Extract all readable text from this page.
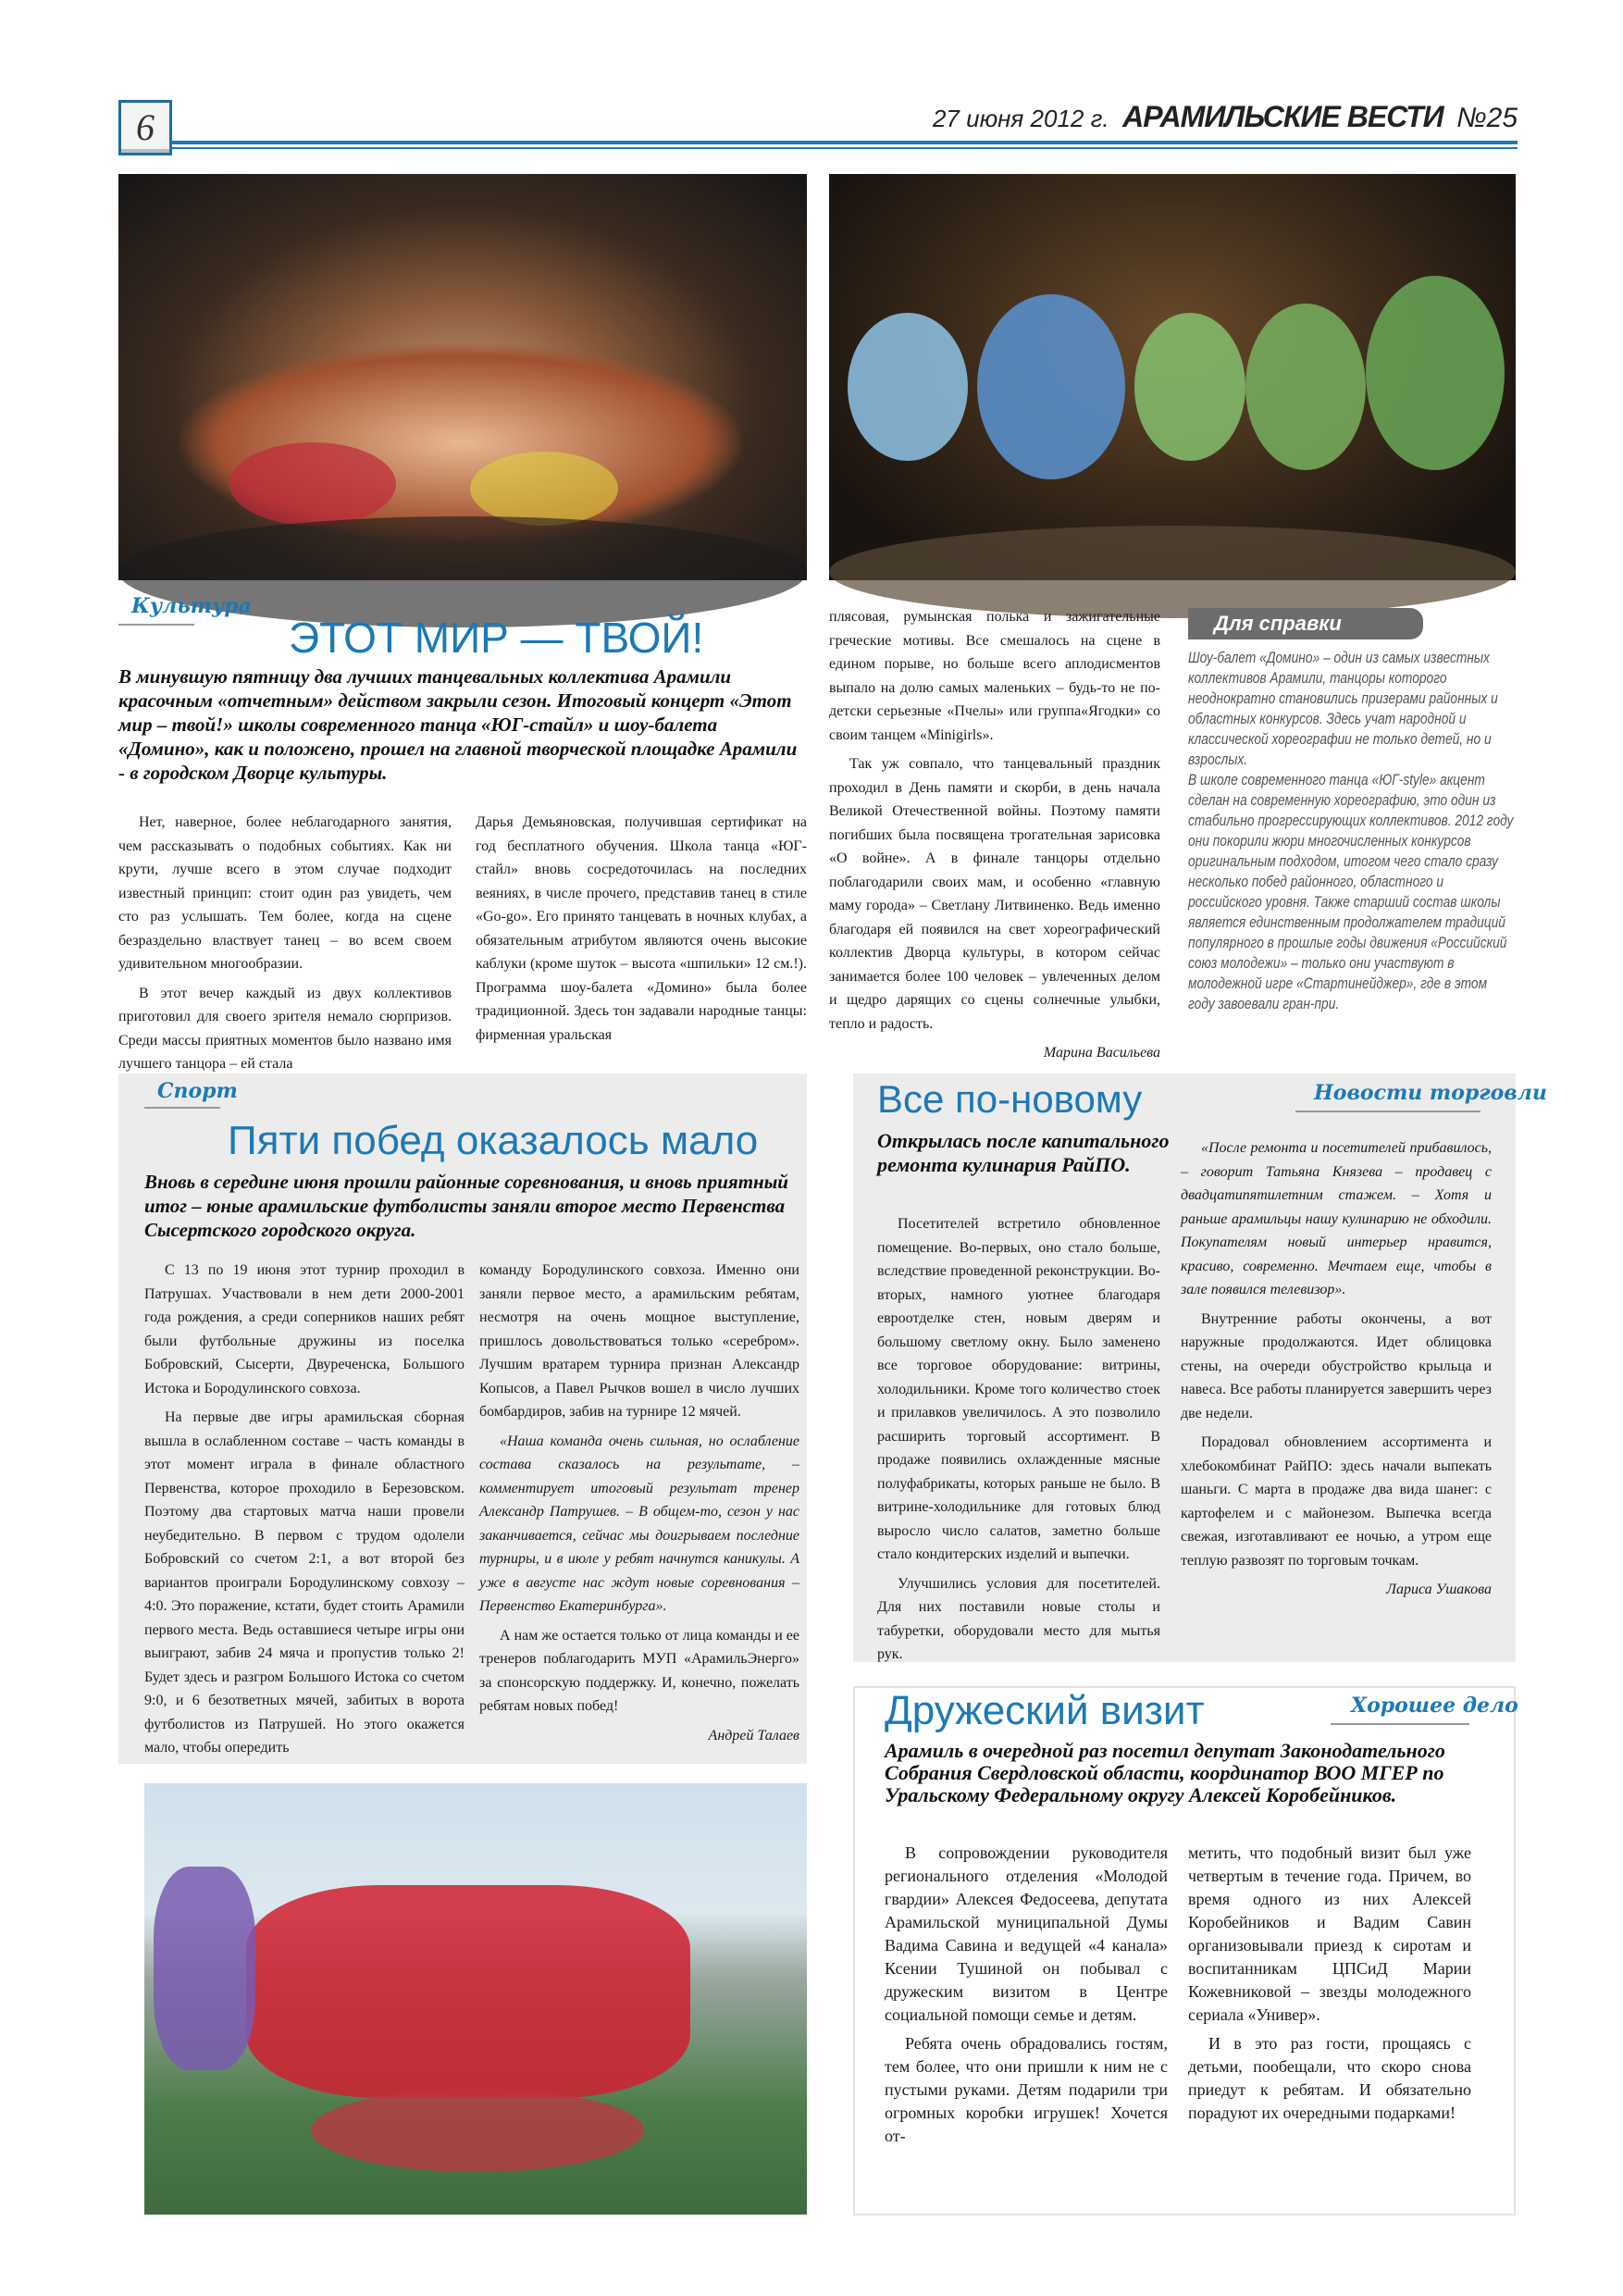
6	27 июня 2012 г. АРАМИЛЬСКИЕ ВЕСТИ №25
Культура
ЭТОТ МИР — ТВОЙ!
В минувшую пятницу два лучших танцевальных коллектива Арамили красочным «отчетным» действом закрыли сезон. Итоговый концерт «Этот мир – твой!» школы современного танца «ЮГ-стайл» и шоу-балета «Домино», как и положено, прошел на главной творческой площадке Арамили - в городском Дворце культуры.

Нет, наверное, более неблагодарного занятия, чем рассказывать о подобных событиях. Как ни крути, лучше всего в этом случае подходит известный принцип: стоит один раз увидеть, чем сто раз услышать. Тем более, когда на сцене безраздельно властвует танец – во всем своем удивительном многообразии.

В этот вечер каждый из двух коллективов приготовил для своего зрителя немало сюрпризов. Среди массы приятных моментов было названо имя лучшего танцора – ей стала

Дарья Демьяновская, получившая сертификат на год бесплатного обучения. Школа танца «ЮГ-стайл» вновь сосредоточилась на последних веяниях, в числе прочего, представив танец в стиле «Go-go». Его принято танцевать в ночных клубах, а обязательным атрибутом являются очень высокие каблуки (кроме шуток – высота «шпильки» 12 см.!). Программа шоу-балета «Домино» была более традиционной. Здесь тон задавали народные танцы: фирменная уральская

плясовая, румынская полька и зажигательные греческие мотивы. Все смешалось на сцене в едином порыве, но больше всего аплодисментов выпало на долю самых маленьких – будь-то не по-детски серьезные «Пчелы» или группа«Ягодки» со своим танцем «Minigirls».

Так уж совпало, что танцевальный праздник проходил в День памяти и скорби, в день начала Великой Отечественной войны. Поэтому памяти погибших была посвящена трогательная зарисовка «О войне». А в финале танцоры отдельно поблагодарили своих мам, и особенно «главную маму города» – Светлану Литвиненко. Ведь именно благодаря ей появился на свет хореографический коллектив Дворца культуры, в котором сейчас занимается более 100 человек – увлеченных делом и щедро дарящих со сцены солнечные улыбки, тепло и радость.

Марина Васильева

Для справки

Шоу-балет «Домино» – один из самых известных коллективов Арамили, танцоры которого неоднократно становились призерами районных и областных конкурсов. Здесь учат народной и классической хореографии не только детей, но и взрослых.

В школе современного танца «ЮГ-style» акцент сделан на современную хореографию, это один из стабильно прогрессирующих коллективов. 2012 году они покорили жюри многочисленных конкурсов оригинальным подходом, итогом чего стало сразу несколько побед районного, областного и российского уровня. Также старший состав школы является единственным продолжателем традиций популярного в прошлые годы движения «Российский союз молодежи» – только они участвуют в молодежной игре «Стартинейджер», где в этом году завоевали гран-при.

Спорт
Пяти побед оказалось мало
Вновь в середине июня прошли районные соревнования, и вновь приятный итог – юные арамильские футболисты заняли второе место Первенства Сысертского городского округа.

С 13 по 19 июня этот турнир проходил в Патрушах. Участвовали в нем дети 2000-2001 года рождения, а среди соперников наших ребят были футбольные дружины из поселка Бобровский, Сысерти, Двуреченска, Большого Истока и Бородулинского совхоза.

На первые две игры арамильская сборная вышла в ослабленном составе – часть команды в этот момент играла в финале областного Первенства, которое проходило в Березовском. Поэтому два стартовых матча наши провели неубедительно. В первом с трудом одолели Бобровский со счетом 2:1, а вот второй без вариантов проиграли Бородулинскому совхозу – 4:0. Это поражение, кстати, будет стоить Арамили первого места. Ведь оставшиеся четыре игры они выиграют, забив 24 мяча и пропустив только 2! Будет здесь и разгром Большого Истока со счетом 9:0, и 6 безответных мячей, забитых в ворота футболистов из Патрушей. Но этого окажется мало, чтобы опередить

команду Бородулинского совхоза. Именно они заняли первое место, а арамильским ребятам, несмотря на очень мощное выступление, пришлось довольствоваться только «серебром». Лучшим вратарем турнира признан Александр Копысов, а Павел Рычков вошел в число лучших бомбардиров, забив на турнире 12 мячей.

«Наша команда очень сильная, но ослабление состава сказалось на результате, – комментирует итоговый результат тренер Александр Патрушев. – В общем-то, сезон у нас заканчивается, сейчас мы доигрываем последние турниры, и в июле у ребят начнутся каникулы. А уже в августе нас ждут новые соревнования – Первенство Екатеринбурга».

А нам же остается только от лица команды и ее тренеров поблагодарить МУП «АрамильЭнерго» за спонсорскую поддержку. И, конечно, пожелать ребятам новых побед!

Андрей Талаев

Все по-новому	Новости торговли
Открылась после капитального ремонта кулинария РайПО.

Посетителей встретило обновленное помещение. Во-первых, оно стало больше, вследствие проведенной реконструкции. Во-вторых, намного уютнее благодаря евроотделке стен, новым дверям и большому светлому окну. Было заменено все торговое оборудование: витрины, холодильники. Кроме того количество стоек и прилавков увеличилось. А это позволило расширить торговый ассортимент. В продаже появились охлажденные мясные полуфабрикаты, которых раньше не было. В витрине-холодильнике для готовых блюд выросло число салатов, заметно больше стало кондитерских изделий и выпечки.

Улучшились условия для посетителей. Для них поставили новые столы и табуретки, оборудовали место для мытья рук.

«После ремонта и посетителей прибавилось, – говорит Татьяна Князева – продавец с двадцатипятилетним стажем. – Хотя и раньше арамильцы нашу кулинарию не обходили. Покупателям новый интерьер нравится, красиво, современно. Мечтаем еще, чтобы в зале появился телевизор».

Внутренние работы окончены, а вот наружные продолжаются. Идет облицовка стены, на очереди обустройство крыльца и навеса. Все работы планируется завершить через две недели.

Порадовал обновлением ассортимента и хлебокомбинат РайПО: здесь начали выпекать шаньги. С марта в продаже два вида шанег: с картофелем и с майонезом. Выпечка всегда свежая, изготавливают ее ночью, а утром еще теплую развозят по торговым точкам.

Лариса Ушакова

Дружеский визит	Хорошее дело
Арамиль в очередной раз посетил депутат Законодательного Собрания Свердловской области, координатор ВОО МГЕР по Уральскому Федеральному округу Алексей Коробейников.

В сопровождении руководителя регионального отделения «Молодой гвардии» Алексея Федосеева, депутата Арамильской муниципальной Думы Вадима Савина и ведущей «4 канала» Ксении Тушиной он побывал с дружеским визитом в Центре социальной помощи семье и детям.

Ребята очень обрадовались гостям, тем более, что они пришли к ним не с пустыми руками. Детям подарили три огромных коробки игрушек! Хочется от-

метить, что подобный визит был уже четвертым в течение года. Причем, во время одного из них Алексей Коробейников и Вадим Савин организовывали приезд к сиротам и воспитанникам ЦПСиД Марии Кожевниковой – звезды молодежного сериала «Универ».

И в это раз гости, прощаясь с детьми, пообещали, что скоро снова приедут к ребятам. И обязательно порадуют их очередными подарками!
